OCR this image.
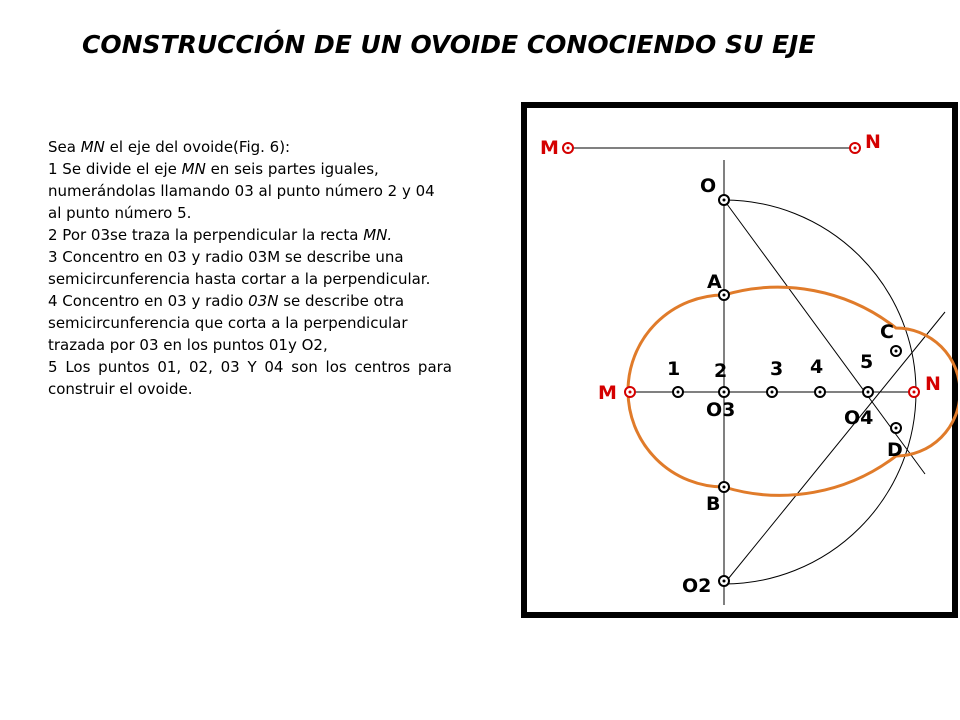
CONSTRUCCIÓN DE UN OVOIDE CONOCIENDO SU EJE

Sea MN el eje del ovoide(Fig. 6):

1 Se divide el eje MN en seis partes iguales,

numerándolas llamando 03 al punto número 2 y 04

al punto número 5.

2 Por 03se traza la perpendicular la recta MN.

3 Concentro en 03 y radio 03M se describe una

semicircunferencia hasta cortar a la perpendicular.

4 Concentro en 03 y radio 03N se describe otra

semicircunferencia que corta a la perpendicular

trazada por 03 en los puntos 01y O2,

5 Los puntos 01, 02, 03 Y 04 son los centros para construir el ovoide.

M	N
O
A
C
1 2 3 4 5
M	N
O3	O4
D
B
O2
